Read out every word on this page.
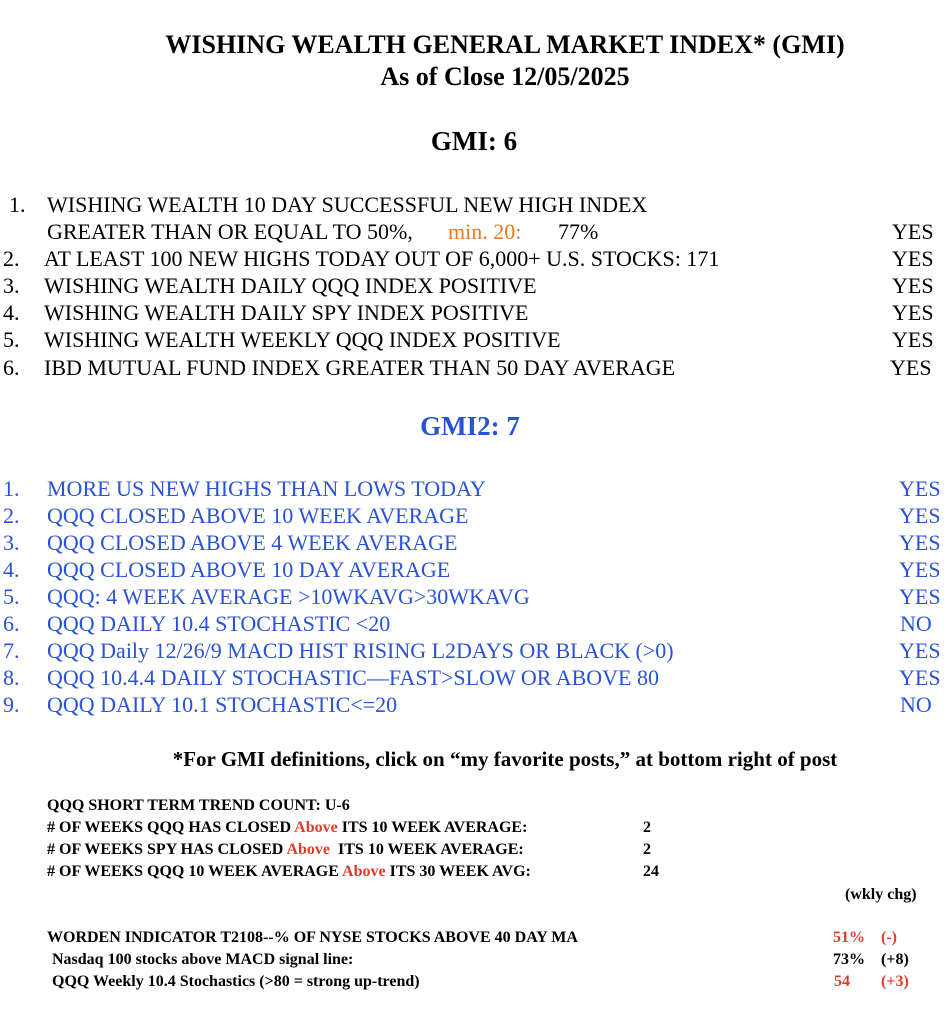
WISHING WEALTH GENERAL MARKET INDEX* (GMI)
As of Close 12/05/2025
GMI: 6
1. WISHING WEALTH 10 DAY SUCCESSFUL NEW HIGH INDEX
GREATER THAN OR EQUAL TO 50%, min. 20: 77%	YES
2. AT LEAST 100 NEW HIGHS TODAY OUT OF 6,000+ U.S. STOCKS: 171	YES
3. WISHING WEALTH DAILY QQQ INDEX POSITIVE	YES
4. WISHING WEALTH DAILY SPY INDEX POSITIVE	YES
5. WISHING WEALTH WEEKLY QQQ INDEX POSITIVE	YES
6. IBD MUTUAL FUND INDEX GREATER THAN 50 DAY AVERAGE	YES
GMI2: 7
1. MORE US NEW HIGHS THAN LOWS TODAY	YES
2. QQQ CLOSED ABOVE 10 WEEK AVERAGE	YES
3. QQQ CLOSED ABOVE 4 WEEK AVERAGE	YES
4. QQQ CLOSED ABOVE 10 DAY AVERAGE	YES
5. QQQ: 4 WEEK AVERAGE >10WKAVG>30WKAVG	YES
6. QQQ DAILY 10.4 STOCHASTIC <20	NO
7. QQQ Daily 12/26/9 MACD HIST RISING L2DAYS OR BLACK (>0)	YES
8. QQQ 10.4.4 DAILY STOCHASTIC—FAST>SLOW OR ABOVE 80	YES
9. QQQ DAILY 10.1 STOCHASTIC<=20	NO
*For GMI definitions, click on “my favorite posts,” at bottom right of post
QQQ SHORT TERM TREND COUNT: U-6
# OF WEEKS QQQ HAS CLOSED Above ITS 10 WEEK AVERAGE:	2
# OF WEEKS SPY HAS CLOSED Above  ITS 10 WEEK AVERAGE:	2
# OF WEEKS QQQ 10 WEEK AVERAGE Above ITS 30 WEEK AVG:	24
(wkly chg)
WORDEN INDICATOR T2108--% OF NYSE STOCKS ABOVE 40 DAY MA	51% (-)
Nasdaq 100 stocks above MACD signal line:	73% (+8)
QQQ Weekly 10.4 Stochastics (>80 = strong up-trend)	54 (+3)
